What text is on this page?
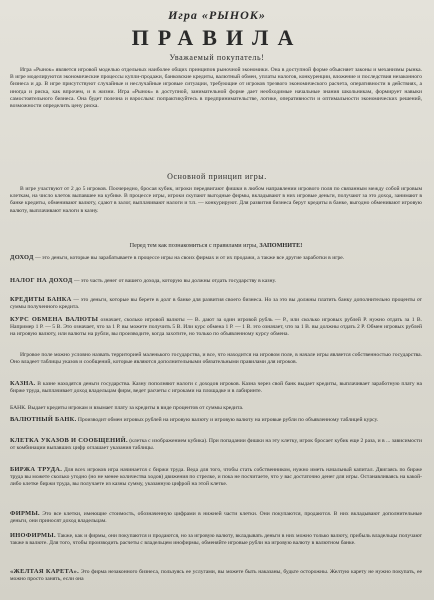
Игра «РЫНОК»
ПРАВИЛА
Уважаемый покупатель!
Игра «Рынок» является игровой моделью отдельных наиболее общих принципов рыночной экономики. Она в доступной форме объясняет законы и механизмы рынка. В игре моделируются экономические процессы купли-продажи, банковские кредиты, валютный обмен, уплаты налогов, конкуренции, вложение и последствия незаконного бизнеса и др. В игре присутствуют случайные и неслучайные игровые ситуации, требующие от игроков трезвого экономического расчета, оперативности в действиях, а иногда и риска, как впрочем, и в жизни. Игра «Рынок» в доступной, занимательной форме дает необходимые начальные знания школьникам, формирует навыки самостоятельного бизнеса. Она будет полезна и взрослым: попрактикуйтесь в предпринимательстве, логике, оперативности и оптимальности экономических решений, возможности определить цену риска.
Основной принцип игры.
В игре участвуют от 2 до 5 игроков. Поочередно, бросая кубик, игроки передвигают фишки в любом направлении игрового поля по связанным между собой игровым клеткам, на число клеток выпавшее на кубике. В процессе игры, игроки скупают выгодные фирмы, вкладывают в них игровые деньги, получают за это доход, занимают в банке кредиты, обменивают валюту, сдают в залог, выплачивают налоги и т.п. — конкурируют. Для развития бизнеса берут кредиты в банке, выгодно обменивают игровую валюту, выплачивают налоги в казну.
Перед тем как познакомиться с правилами игры, ЗАПОМНИТЕ!
ДОХОД — это деньги, которые вы зарабатываете в процессе игры на своих фирмах и от их продажи, а также все другие заработки в игре.
НАЛОГ НА ДОХОД — это часть денег от вашего дохода, которую вы должны отдать государству в казну.
КРЕДИТЫ БАНКА — это деньги, которые вы берете в долг в банке для развития своего бизнеса. Но за это вы должны платить банку дополнительно проценты от суммы полученного кредита.
КУРС ОБМЕНА ВАЛЮТЫ означает, сколько игровой валюты — В. дают за один игровой рубль — Р., или сколько игровых рублей Р. нужно отдать за 1 В. Например 1 Р. — 5 В. Это означает, что за 1 Р. вы можете получить 5 В. Или курс обмена 1 Р. — 1 В. это означает, что за 1 В. вы должны отдать 2 Р. Обмен игровых рублей на игровую валюту, или валюты на рубли, вы производите, когда захотите, но только по объявленному курсу обмена.
Игровое поле можно условно назвать территорией маленького государства, и все, что находится на игровом поле, в начале игры является собственностью государства. Оно владеет таблицы указов и сообщений, которые являются дополнительными обязательными правилами для игроков.
КАЗНА. В казне находятся деньги государства. Казну пополняют налоги с доходов игроков. Казна через свой банк выдает кредиты, выплачивает заработную плату на бирже труда, выплачивает доход владельцам фирм, ведет расчеты с игроками на площадке и в лабиринте.
БАНК. Выдает кредиты игрокам и взымает плату за кредиты в виде процентов от суммы кредита.
ВАЛЮТНЫЙ БАНК. Производит обмен игровых рублей на игровую валюту и игровую валюту на игровые рубли по объявленному таблицей курсу.
КЛЕТКА УКАЗОВ И СООБЩЕНИЙ. (клетка с изображением кубика). При попадании фишки на эту клетку, игрок бросает кубик еще 2 раза, и в ... зависимости от комбинации выпавших цифр оглашает указания таблицы.
БИРЖА ТРУДА. Для всех игроков игра начинается с биржи труда. Веда для того, чтобы стать собственником, нужно иметь начальный капитал. Двигаясь по бирже труда вы можете сколько угодно (но не менее количества ходов) движения по стрелке, и пока не посчитаете, что у вас достаточно денег для игры. Останавливаясь на какой-либо клетке биржи труда, вы получаете из казны сумму, указанную цифрой на этой клетке.
ФИРМЫ. Это все клетки, имеющие стоимость, обозначенную цифрами в нижней части клетки. Они покупаются, продаются. В них вкладывают дополнительные деньги, они приносят доход владельцам.
ИНОФИРМЫ. Также, как и фирмы, они покупаются и продаются, но за игровую валюту, вкладывать деньги в них можно только валюту, прибыль владельцы получают также в валюте. Для того, чтобы производить расчеты с владельцем инофирмы, обменяйте игровые рубли на игровую валюту в валютном банке.
«ЖЕЛТАЯ КАРЕТА». Это фирма незаконного бизнеса, пользуясь ее услугами, вы можете быть наказаны, будьте осторожны. Желтую карету не нужно покупать, ее можно просто занять, если она
